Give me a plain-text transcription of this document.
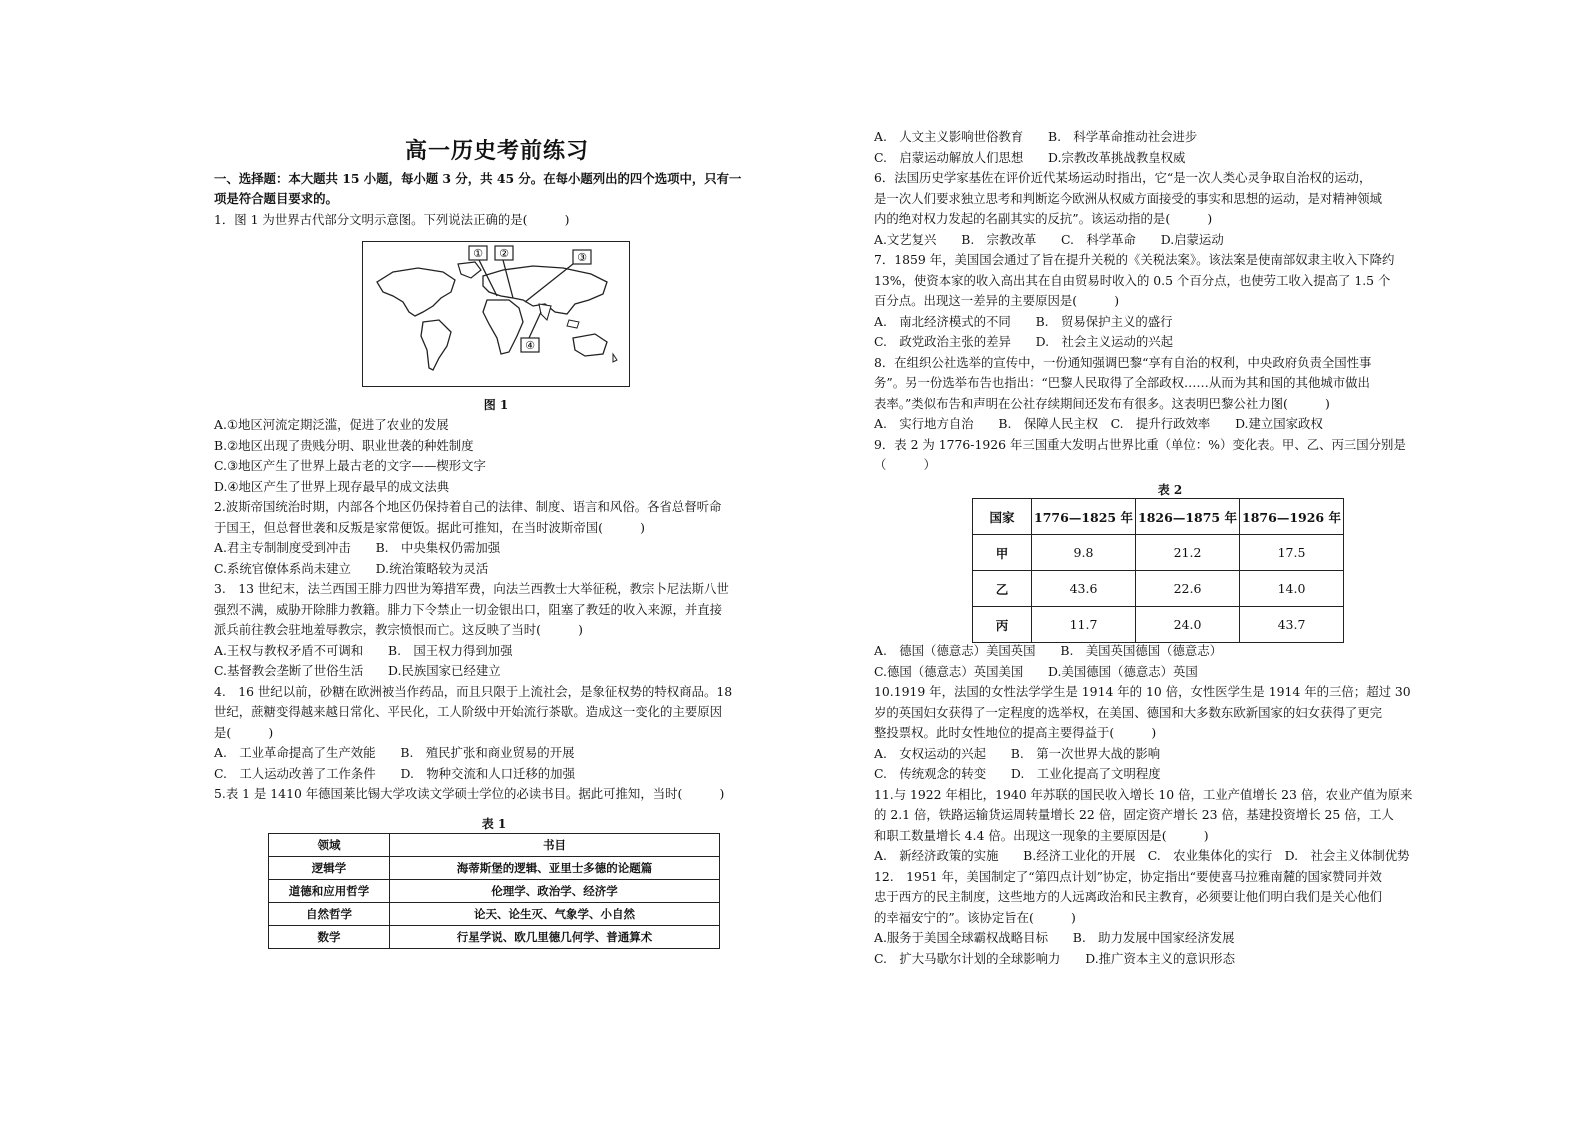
高一历史考前练习
一、选择题：本大题共 15 小题，每小题 3 分，共 45 分。在每小题列出的四个选项中，只有一
项是符合题目要求的。
1．图 1 为世界古代部分文明示意图。下列说法正确的是(　　　)
① ②	③
④
图 1
A.①地区河流定期泛滥，促进了农业的发展
B.②地区出现了贵贱分明、职业世袭的种姓制度
C.③地区产生了世界上最古老的文字——楔形文字
D.④地区产生了世界上现存最早的成文法典
2.波斯帝国统治时期，内部各个地区仍保持着自己的法律、制度、语言和风俗。各省总督听命
于国王，但总督世袭和反叛是家常便饭。据此可推知，在当时波斯帝国(　　　)
A.君主专制制度受到冲击　　B.　中央集权仍需加强
C.系统官僚体系尚未建立　　D.统治策略较为灵活
3.　13 世纪末，法兰西国王腓力四世为筹措军费，向法兰西教士大举征税，教宗卜尼法斯八世
强烈不满，威胁开除腓力教籍。腓力下令禁止一切金银出口，阻塞了教廷的收入来源，并直接
派兵前往教会驻地羞辱教宗，教宗愤恨而亡。这反映了当时(　　　)
A.王权与教权矛盾不可调和　　B.　国王权力得到加强
C.基督教会垄断了世俗生活　　D.民族国家已经建立
4.　16 世纪以前，砂糖在欧洲被当作药品，而且只限于上流社会，是象征权势的特权商品。18
世纪，蔗糖变得越来越日常化、平民化，工人阶级中开始流行茶歇。造成这一变化的主要原因
是(　　　)
A.　工业革命提高了生产效能　　B.　殖民扩张和商业贸易的开展
C.　工人运动改善了工作条件　　D.　物种交流和人口迁移的加强
5.表 1 是 1410 年德国莱比锡大学攻读文学硕士学位的必读书目。据此可推知，当时(　　　)
表 1
领域	书目
逻辑学	海蒂斯堡的逻辑、亚里士多德的论题篇
道德和应用哲学	伦理学、政治学、经济学
自然哲学	论天、论生灭、气象学、小自然
数学	行星学说、欧几里德几何学、普通算术
A.　人文主义影响世俗教育　　B.　科学革命推动社会进步
C.　启蒙运动解放人们思想　　D.宗教改革挑战教皇权威
6．法国历史学家基佐在评价近代某场运动时指出，它“是一次人类心灵争取自治权的运动，
是一次人们要求独立思考和判断迄今欧洲从权威方面接受的事实和思想的运动，是对精神领域
内的绝对权力发起的名副其实的反抗”。该运动指的是(　　　)
A.文艺复兴　　B.　宗教改革　　C.　科学革命　　D.启蒙运动
7．1859 年，美国国会通过了旨在提升关税的《关税法案》。该法案是使南部奴隶主收入下降约
13%，使资本家的收入高出其在自由贸易时收入的 0.5 个百分点，也使劳工收入提高了 1.5 个
百分点。出现这一差异的主要原因是(　　　)
A.　南北经济模式的不同　　B.　贸易保护主义的盛行
C.　政党政治主张的差异　　D.　社会主义运动的兴起
8．在组织公社选举的宣传中，一份通知强调巴黎“享有自治的权利，中央政府负责全国性事
务”。另一份选举布告也指出：“巴黎人民取得了全部政权……从而为其和国的其他城市做出
表率。”类似布告和声明在公社存续期间还发布有很多。这表明巴黎公社力图(　　　)
A.　实行地方自治　　B.　保障人民主权　C.　提升行政效率　　D.建立国家政权
9．表 2 为 1776-1926 年三国重大发明占世界比重（单位：%）变化表。甲、乙、丙三国分别是
（　　　）
表 2
国家	1776—1825 年	1826—1875 年	1876—1926 年
甲	9.8	21.2	17.5
乙	43.6	22.6	14.0
丙	11.7	24.0	43.7
A.　德国（德意志）美国英国　　B.　美国英国德国（德意志）
C.德国（德意志）英国美国　　D.美国德国（德意志）英国
10.1919 年，法国的女性法学学生是 1914 年的 10 倍，女性医学生是 1914 年的三倍；超过 30
岁的英国妇女获得了一定程度的选举权，在美国、德国和大多数东欧新国家的妇女获得了更完
整投票权。此时女性地位的提高主要得益于(　　　)
A.　女权运动的兴起　　B.　第一次世界大战的影响
C.　传统观念的转变　　D.　工业化提高了文明程度
11.与 1922 年相比，1940 年苏联的国民收入增长 10 倍，工业产值增长 23 倍，农业产值为原来
的 2.1 倍，铁路运输货运周转量增长 22 倍，固定资产增长 23 倍，基建投资增长 25 倍，工人
和职工数量增长 4.4 倍。出现这一现象的主要原因是(　　　)
A.　新经济政策的实施　　B.经济工业化的开展　C.　农业集体化的实行　D.　社会主义体制优势
12.　1951 年，美国制定了“第四点计划”协定，协定指出“要使喜马拉雅南麓的国家赞同并效
忠于西方的民主制度，这些地方的人远离政治和民主教育，必须要让他们明白我们是关心他们
的幸福安宁的”。该协定旨在(　　　)
A.服务于美国全球霸权战略目标　　B.　助力发展中国家经济发展
C.　扩大马歇尔计划的全球影响力　　D.推广资本主义的意识形态
